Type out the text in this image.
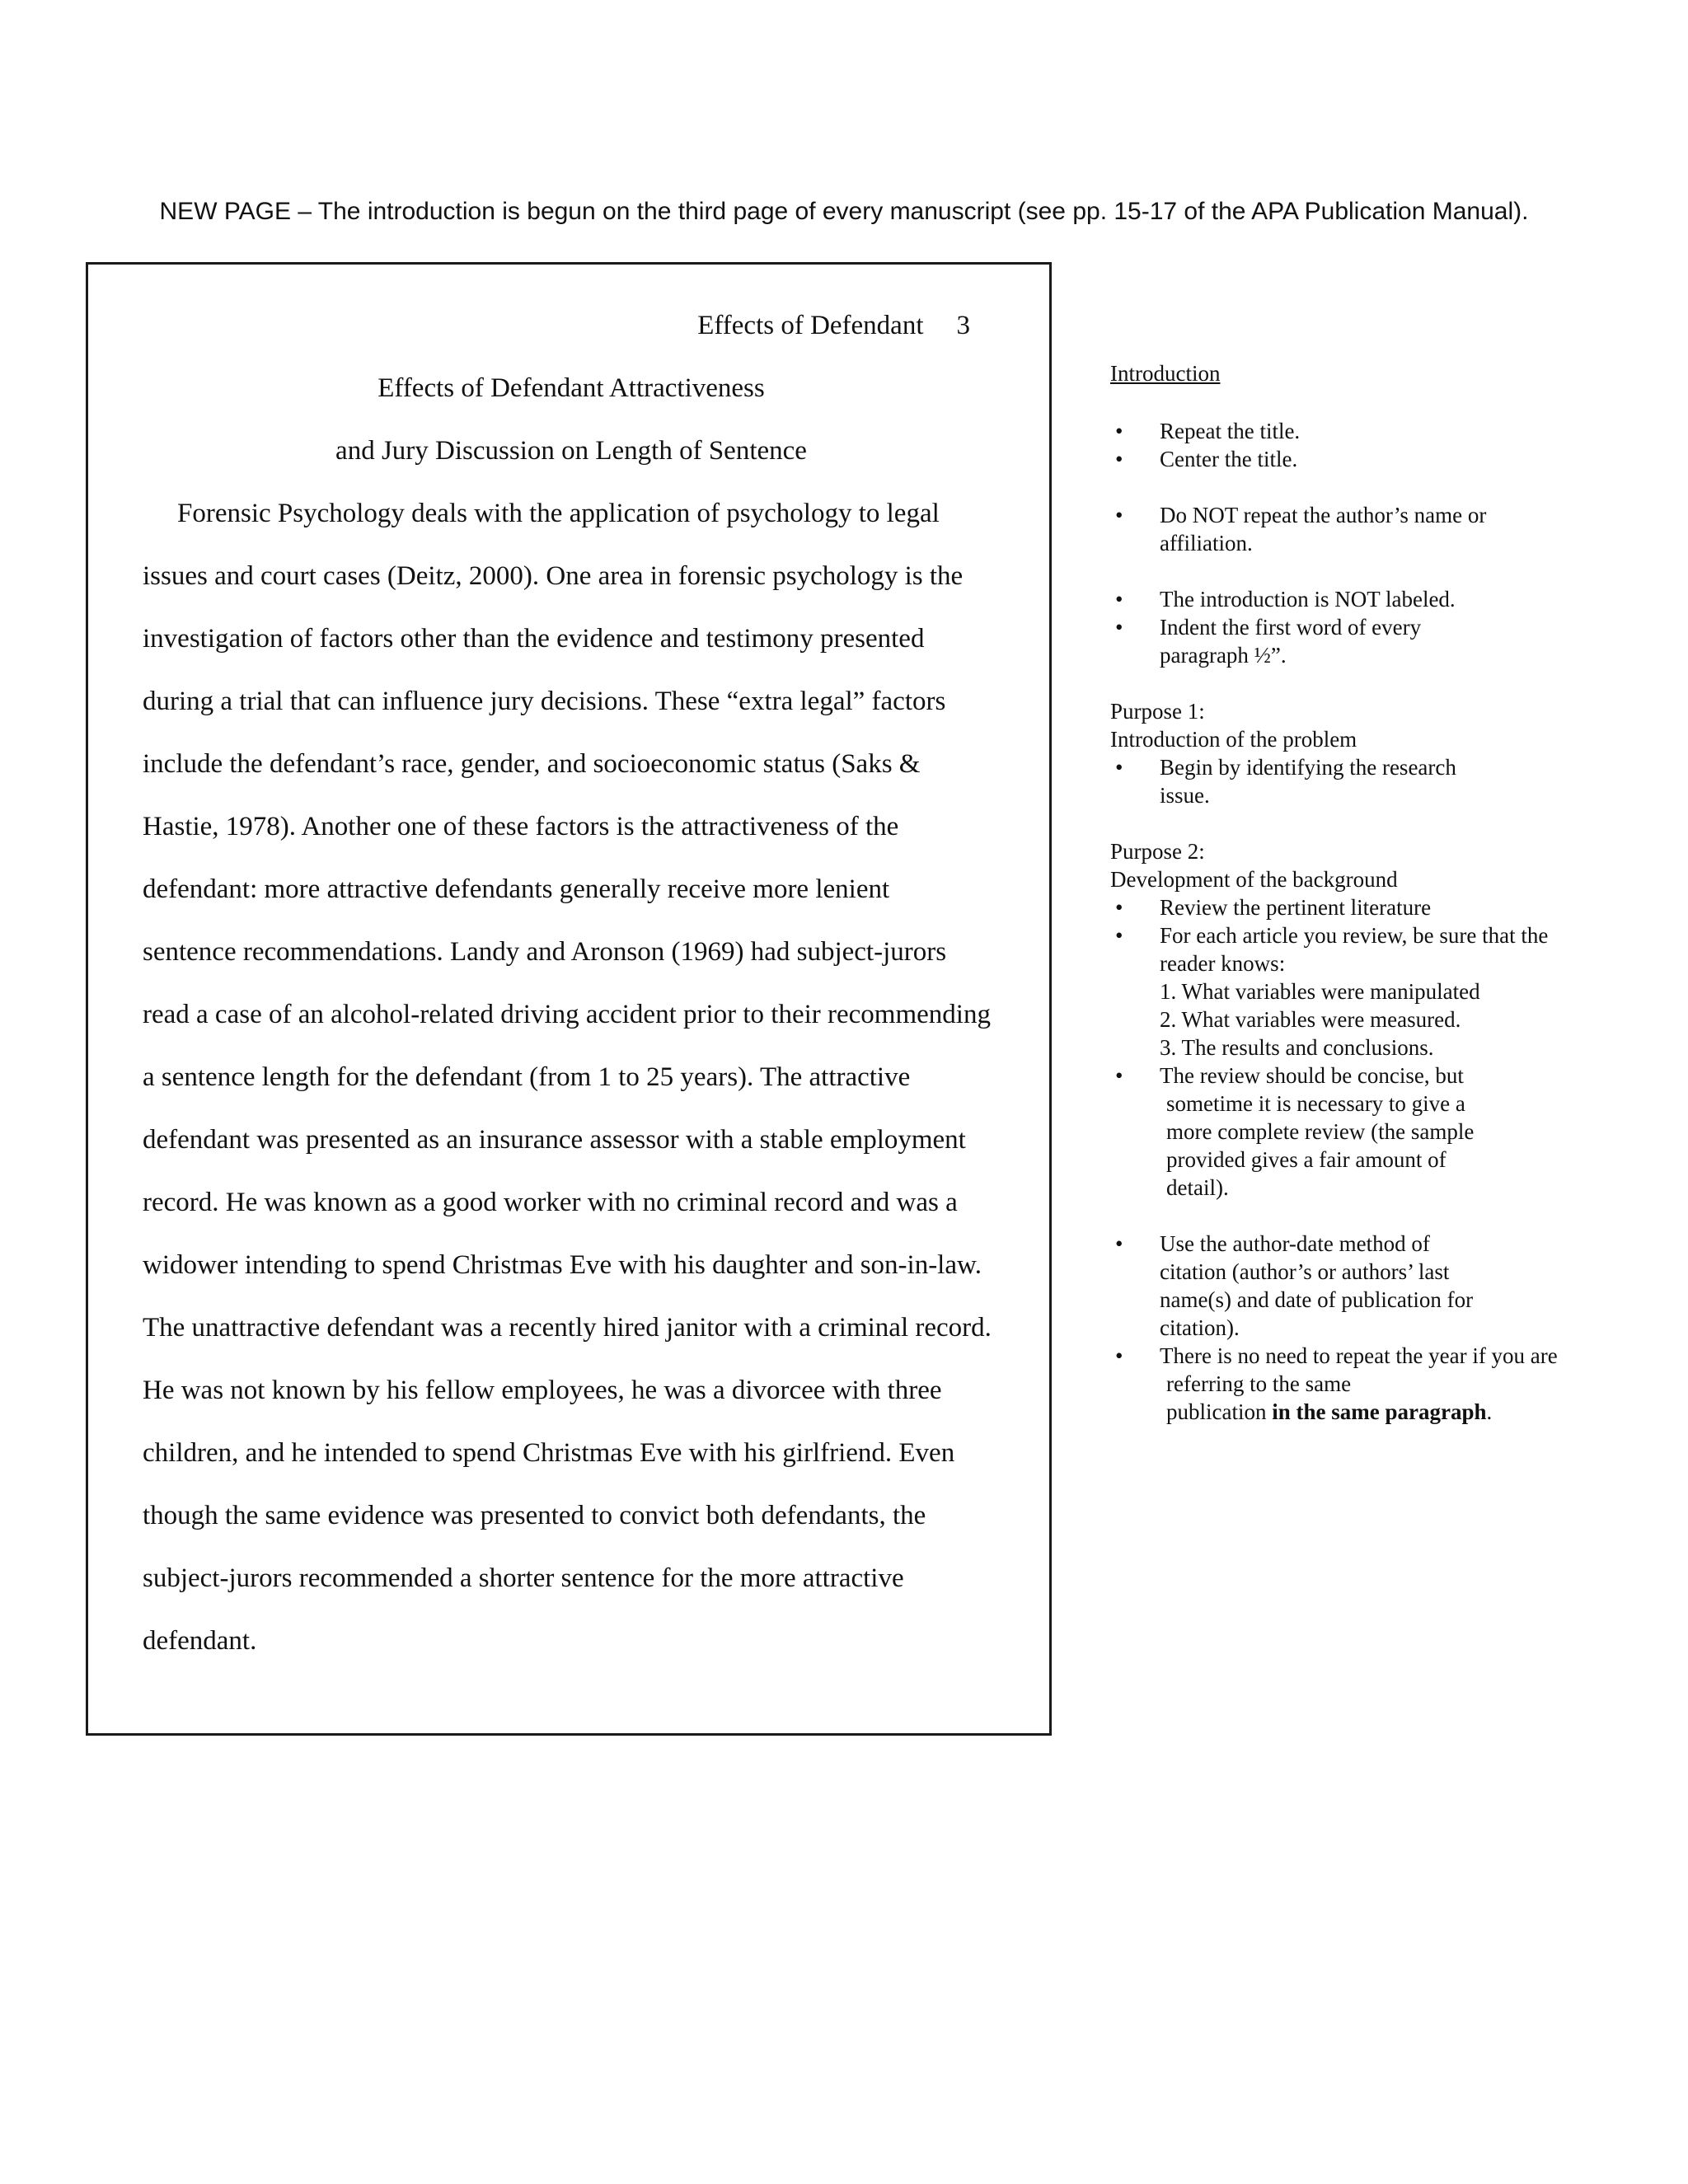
NEW PAGE – The introduction is begun on the third page of every manuscript (see pp. 15-17 of the APA Publication Manual).
Effects of Defendant 3
Effects of Defendant Attractiveness
and Jury Discussion on Length of Sentence
Forensic Psychology deals with the application of psychology to legal
issues and court cases (Deitz, 2000). One area in forensic psychology is the
investigation of factors other than the evidence and testimony presented
during a trial that can influence jury decisions. These “extra legal” factors
include the defendant’s race, gender, and socioeconomic status (Saks &
Hastie, 1978). Another one of these factors is the attractiveness of the
defendant: more attractive defendants generally receive more lenient
sentence recommendations. Landy and Aronson (1969) had subject-jurors
read a case of an alcohol-related driving accident prior to their recommending
a sentence length for the defendant (from 1 to 25 years). The attractive
defendant was presented as an insurance assessor with a stable employment
record. He was known as a good worker with no criminal record and was a
widower intending to spend Christmas Eve with his daughter and son-in-law.
The unattractive defendant was a recently hired janitor with a criminal record.
He was not known by his fellow employees, he was a divorcee with three
children, and he intended to spend Christmas Eve with his girlfriend. Even
though the same evidence was presented to convict both defendants, the
subject-jurors recommended a shorter sentence for the more attractive
defendant.
Introduction
• Repeat the title.
• Center the title.
• Do NOT repeat the author’s name or
affiliation.
• The introduction is NOT labeled.
• Indent the first word of every
paragraph ½”.
Purpose 1:
Introduction of the problem
• Begin by identifying the research
issue.
Purpose 2:
Development of the background
• Review the pertinent literature
• For each article you review, be sure that the
reader knows:
1. What variables were manipulated
2. What variables were measured.
3. The results and conclusions.
• The review should be concise, but
sometime it is necessary to give a
more complete review (the sample
provided gives a fair amount of
detail).
• Use the author-date method of
citation (author’s or authors’ last
name(s) and date of publication for
citation).
• There is no need to repeat the year if you are
referring to the same
publication in the same paragraph.
